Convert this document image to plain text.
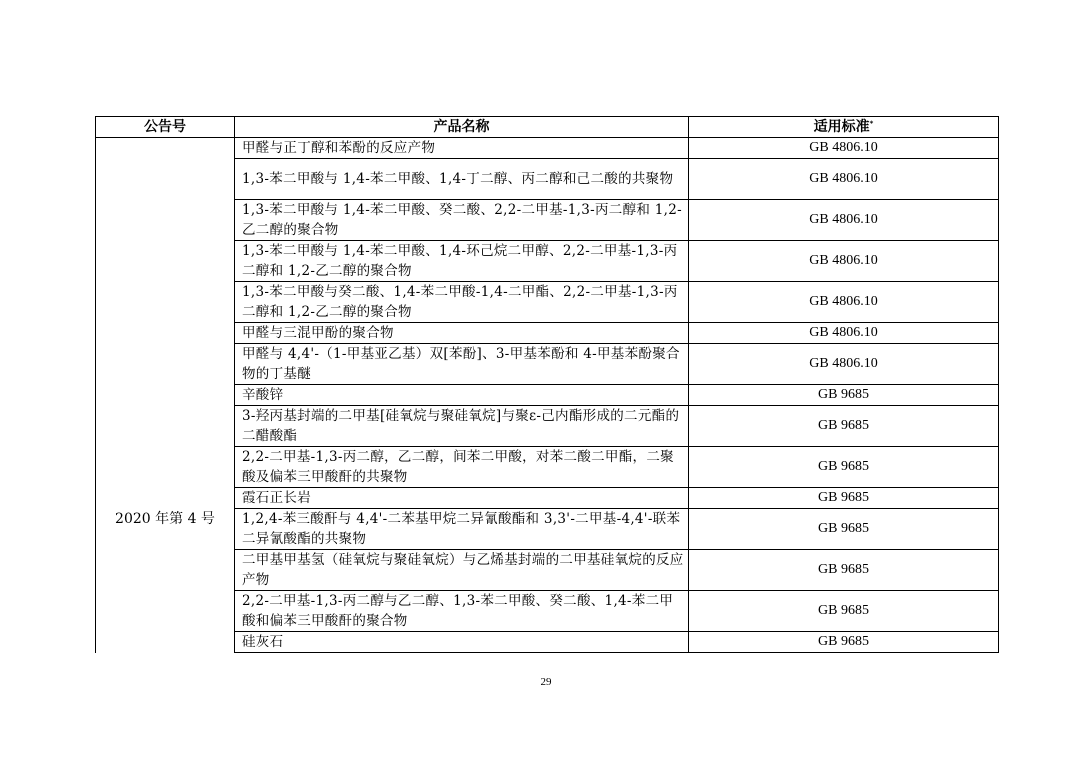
公告号	产品名称	适用标准*
	甲醛与正丁醇和苯酚的反应产物	GB 4806.10
	1,3-苯二甲酸与 1,4-苯二甲酸、1,4-丁二醇、丙二醇和己二酸的共聚物	GB 4806.10
	1,3-苯二甲酸与 1,4-苯二甲酸、癸二酸、2,2-二甲基-1,3-丙二醇和 1,2-乙二醇的聚合物	GB 4806.10
	1,3-苯二甲酸与 1,4-苯二甲酸、1,4-环己烷二甲醇、2,2-二甲基-1,3-丙二醇和 1,2-乙二醇的聚合物	GB 4806.10
	1,3-苯二甲酸与癸二酸、1,4-苯二甲酸-1,4-二甲酯、2,2-二甲基-1,3-丙二醇和 1,2-乙二醇的聚合物	GB 4806.10
	甲醛与三混甲酚的聚合物	GB 4806.10
	甲醛与 4,4'-（1-甲基亚乙基）双[苯酚]、3-甲基苯酚和 4-甲基苯酚聚合物的丁基醚	GB 4806.10
2020 年第 4 号	辛酸锌	GB 9685
	3-羟丙基封端的二甲基[硅氧烷与聚硅氧烷]与聚ε-己内酯形成的二元酯的二醋酸酯	GB 9685
	2,2-二甲基-1,3-丙二醇，乙二醇，间苯二甲酸，对苯二酸二甲酯，二聚酸及偏苯三甲酸酐的共聚物	GB 9685
	霞石正长岩	GB 9685
	1,2,4-苯三酸酐与 4,4'-二苯基甲烷二异氰酸酯和 3,3'-二甲基-4,4'-联苯二异氰酸酯的共聚物	GB 9685
	二甲基甲基氢（硅氧烷与聚硅氧烷）与乙烯基封端的二甲基硅氧烷的反应产物	GB 9685
	2,2-二甲基-1,3-丙二醇与乙二醇、1,3-苯二甲酸、癸二酸、1,4-苯二甲酸和偏苯三甲酸酐的聚合物	GB 9685
	硅灰石	GB 9685
29
